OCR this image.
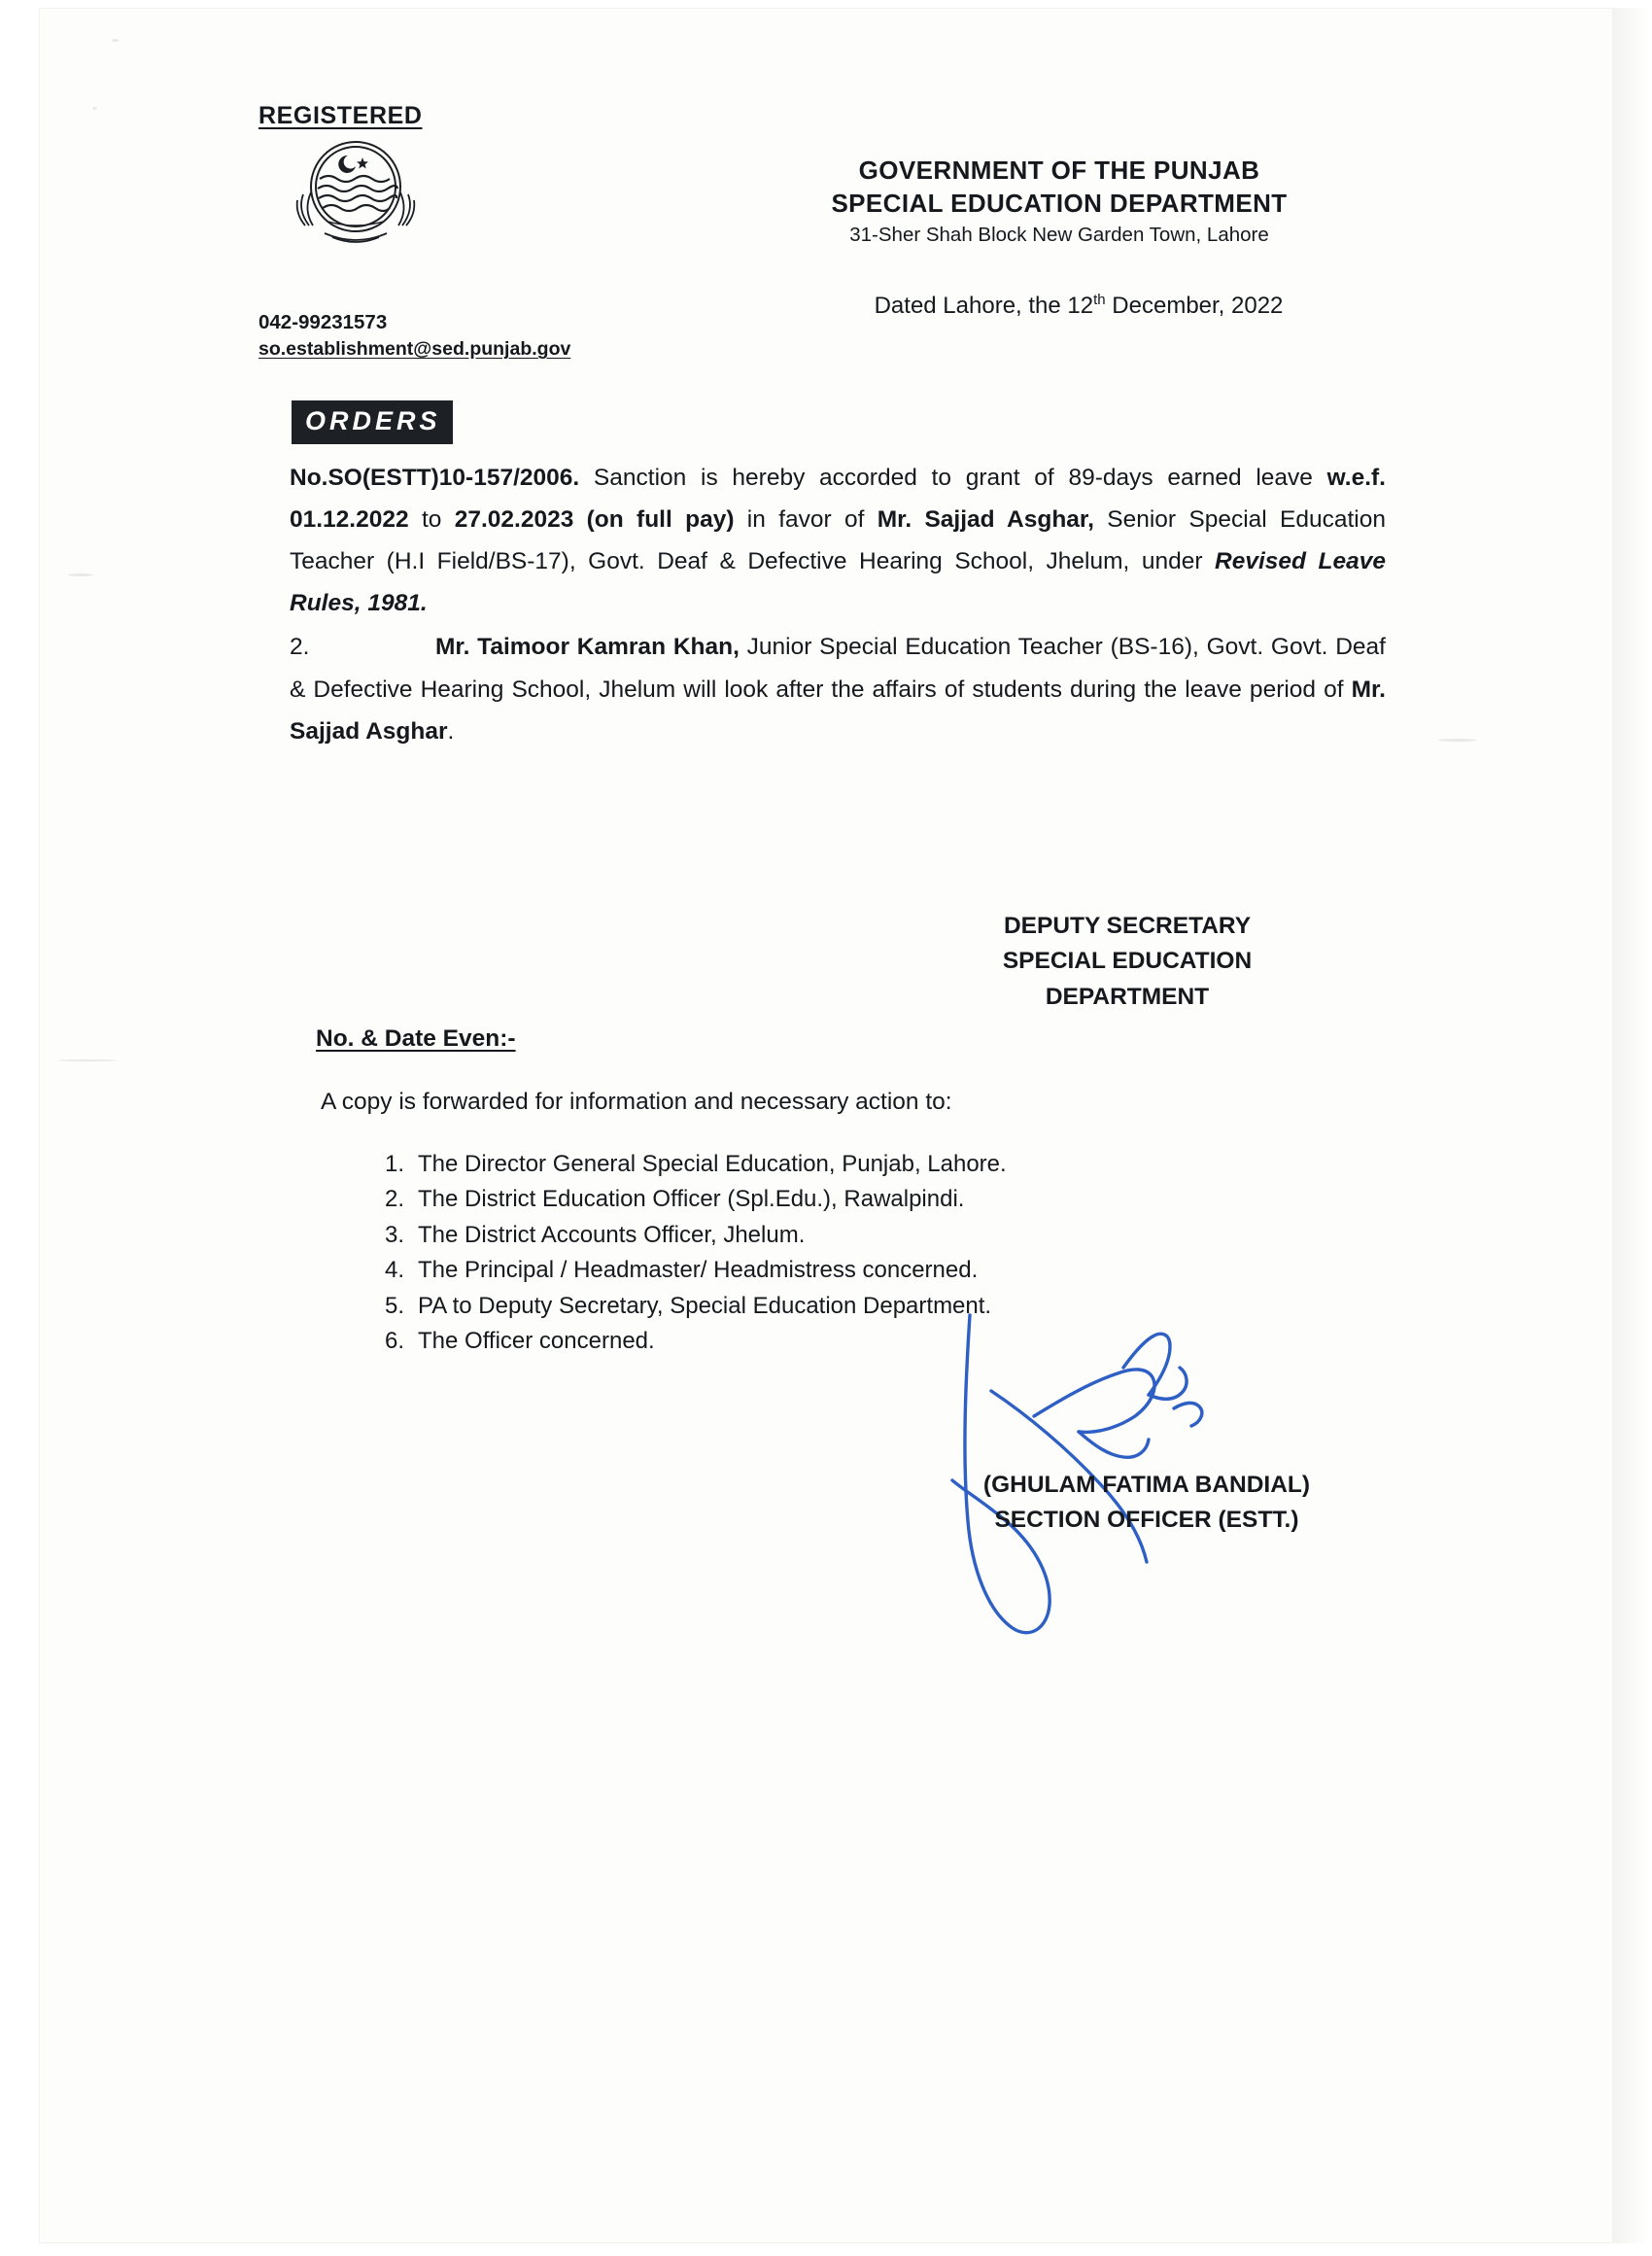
REGISTERED
042-99231573
so.establishment@sed.punjab.gov
GOVERNMENT OF THE PUNJAB
SPECIAL EDUCATION DEPARTMENT
31-Sher Shah Block New Garden Town, Lahore
Dated Lahore, the 12th December, 2022
ORDERS

No.SO(ESTT)10-157/2006. Sanction is hereby accorded to grant of 89-days earned leave w.e.f. 01.12.2022 to 27.02.2023 (on full pay) in favor of Mr. Sajjad Asghar, Senior Special Education Teacher (H.I Field/BS-17), Govt. Deaf & Defective Hearing School, Jhelum, under Revised Leave Rules, 1981.

2.	Mr. Taimoor Kamran Khan, Junior Special Education Teacher (BS-16), Govt. Govt. Deaf & Defective Hearing School, Jhelum will look after the affairs of students during the leave period of Mr. Sajjad Asghar.

DEPUTY SECRETARY
SPECIAL EDUCATION
DEPARTMENT
No. & Date Even:-
A copy is forwarded for information and necessary action to:
1. The Director General Special Education, Punjab, Lahore.
2. The District Education Officer (Spl.Edu.), Rawalpindi.
3. The District Accounts Officer, Jhelum.
4. The Principal / Headmaster/ Headmistress concerned.
5. PA to Deputy Secretary, Special Education Department.
6. The Officer concerned.
(GHULAM FATIMA BANDIAL)
SECTION OFFICER (ESTT.)
